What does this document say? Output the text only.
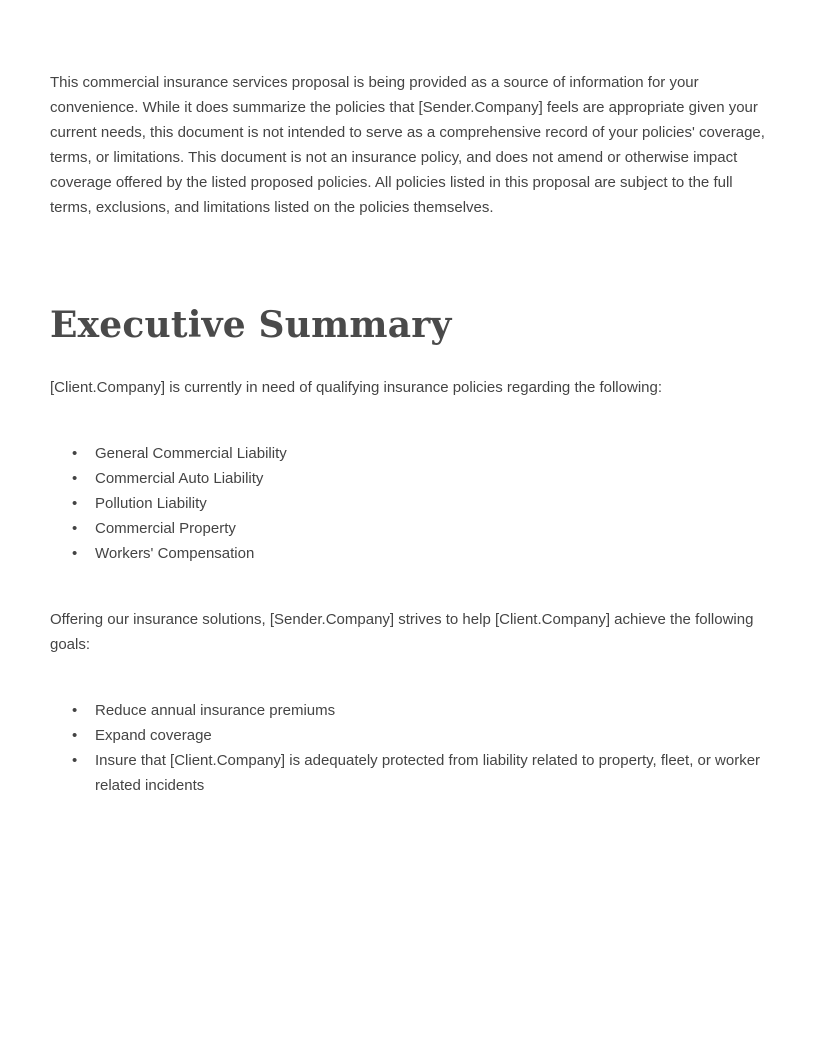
This commercial insurance services proposal is being provided as a source of information for your convenience. While it does summarize the policies that [Sender.Company] feels are appropriate given your current needs, this document is not intended to serve as a comprehensive record of your policies' coverage, terms, or limitations. This document is not an insurance policy, and does not amend or otherwise impact coverage offered by the listed proposed policies. All policies listed in this proposal are subject to the full terms, exclusions, and limitations listed on the policies themselves.

Executive Summary

[Client.Company] is currently in need of qualifying insurance policies regarding the following:

• General Commercial Liability
• Commercial Auto Liability
• Pollution Liability
• Commercial Property
• Workers' Compensation

Offering our insurance solutions, [Sender.Company] strives to help [Client.Company] achieve the following goals:

• Reduce annual insurance premiums
• Expand coverage
• Insure that [Client.Company] is adequately protected from liability related to property, fleet, or worker related incidents
